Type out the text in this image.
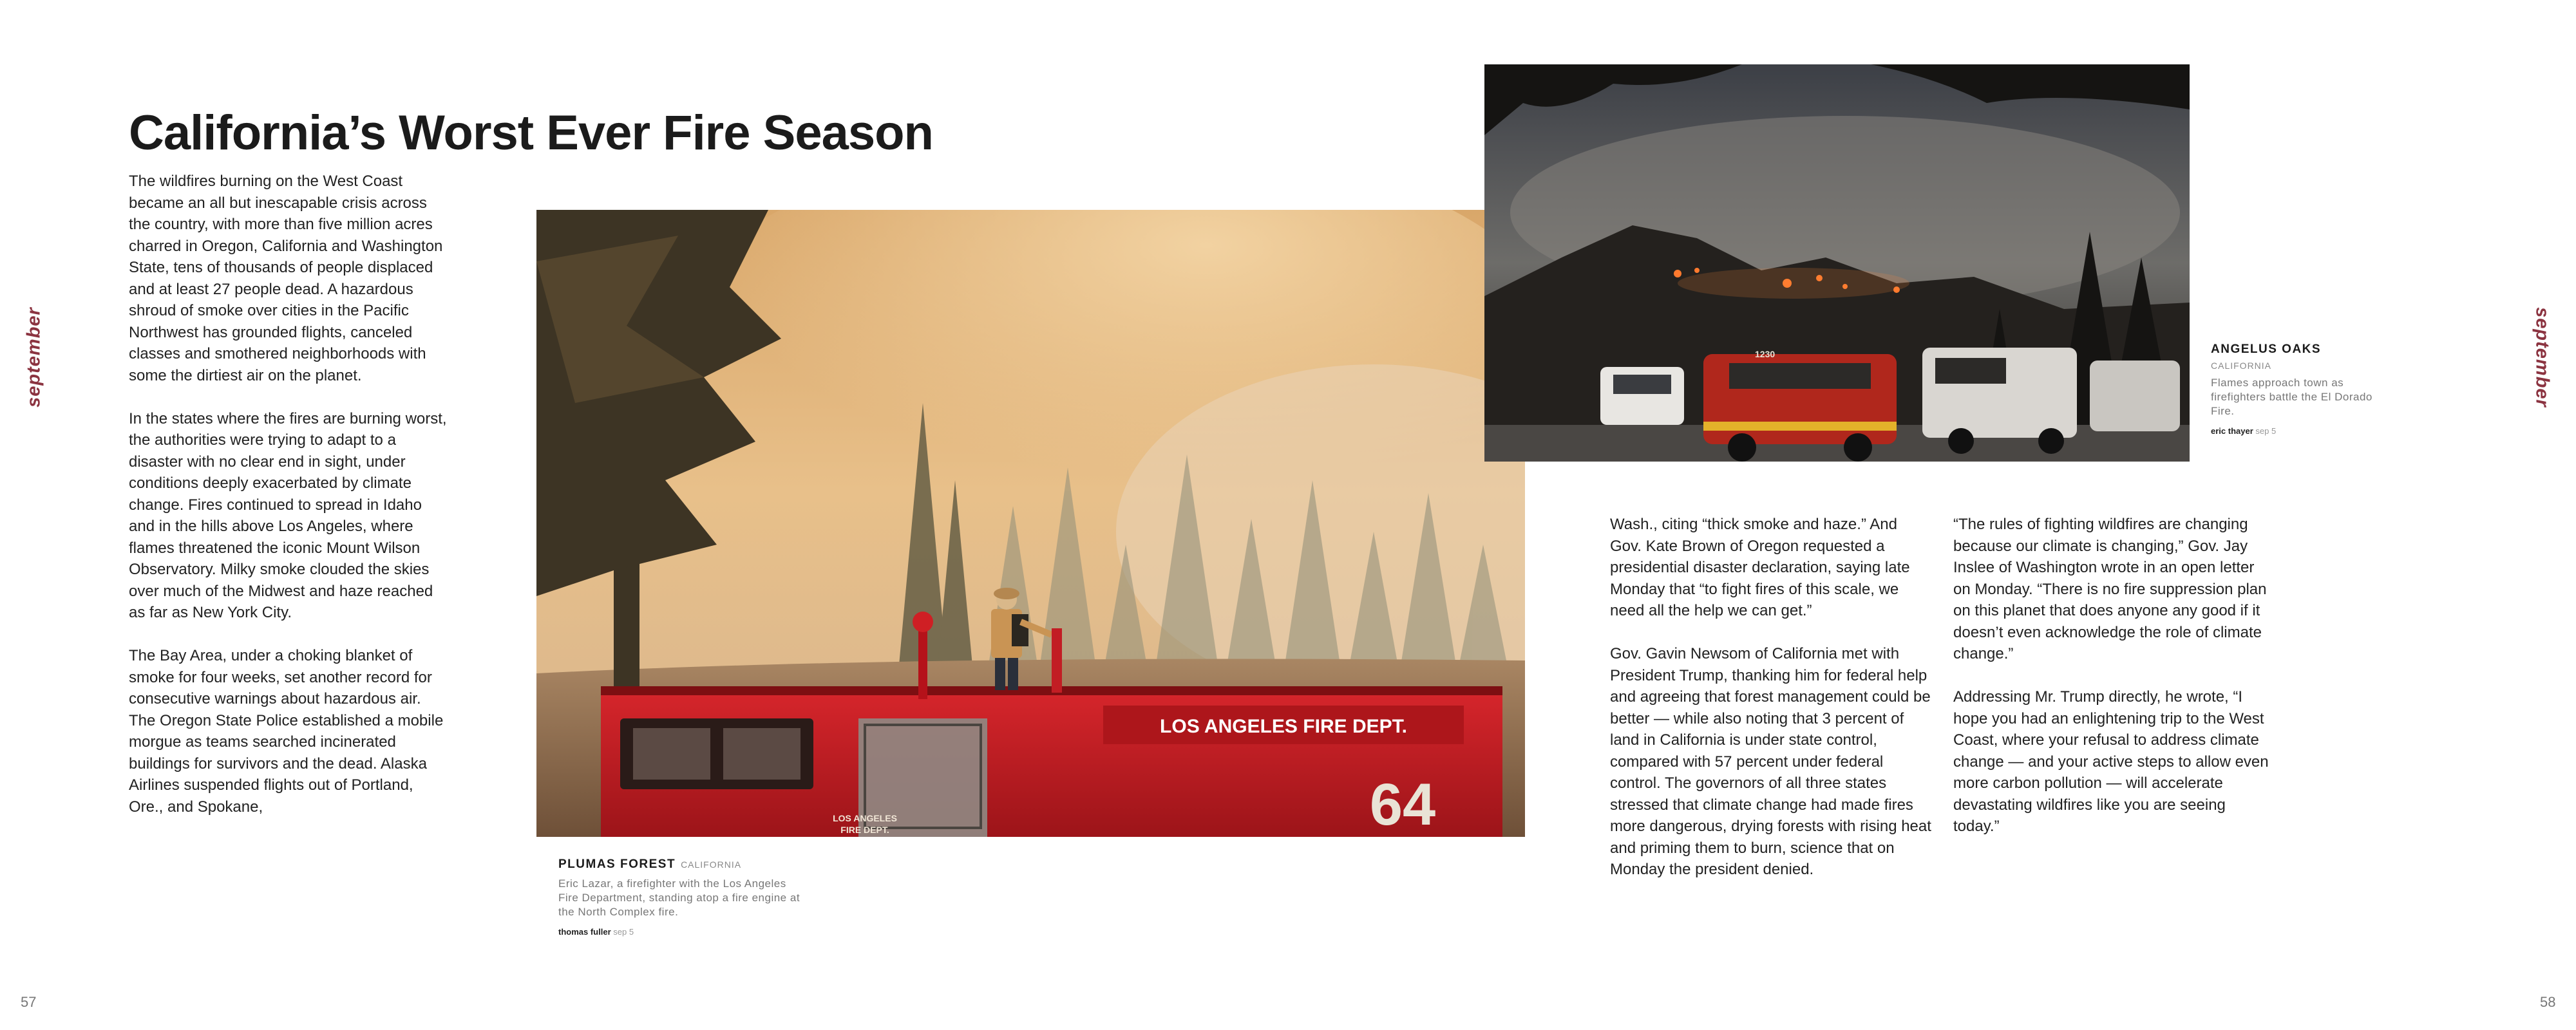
september	september
57	58
California’s Worst Ever Fire Season

The wildfires burning on the West Coast became an all but inescapable crisis across the country, with more than five million acres charred in Oregon, California and Washington State, tens of thousands of people displaced and at least 27 people dead. A hazardous shroud of smoke over cities in the Pacific Northwest has grounded flights, canceled classes and smothered neighborhoods with some the dirtiest air on the planet.

In the states where the fires are burning worst, the authorities were trying to adapt to a disaster with no clear end in sight, under conditions deeply exacerbated by climate change. Fires continued to spread in Idaho and in the hills above Los Angeles, where flames threatened the iconic Mount Wilson Observatory. Milky smoke clouded the skies over much of the Midwest and haze reached as far as New York City.

The Bay Area, under a choking blanket of smoke for four weeks, set another record for consecutive warnings about hazardous air. The Oregon State Police established a mobile morgue as teams searched incinerated buildings for survivors and the dead. Alaska Airlines suspended flights out of Portland, Ore., and Spokane,

Wash., citing “thick smoke and haze.” And Gov. Kate Brown of Oregon requested a presidential disaster declaration, saying late Monday that “to fight fires of this scale, we need all the help we can get.”

Gov. Gavin Newsom of California met with President Trump, thanking him for federal help and agreeing that forest management could be better — while also noting that 3 percent of land in California is under state control, compared with 57 percent under federal control. The governors of all three states stressed that climate change had made fires more dangerous, drying forests with rising heat and priming them to burn, science that on Monday the president denied.

“The rules of fighting wildfires are changing because our climate is changing,” Gov. Jay Inslee of Washington wrote in an open letter on Monday. “There is no fire suppression plan on this planet that does anyone any good if it doesn’t even acknowledge the role of climate change.”

Addressing Mr. Trump directly, he wrote, “I hope you had an enlightening trip to the West Coast, where your refusal to address climate change — and your active steps to allow even more carbon pollution — will accelerate devastating wildfires like you are seeing today.”

LOS ANGELES FIRE DEPT.
LOS ANGELES
FIRE DEPT.	64
1230
PLUMAS FOREST CALIFORNIA
Eric Lazar, a firefighter with the Los Angeles Fire Department, standing atop a fire engine at the North Complex fire.
thomas fuller sep 5
ANGELUS OAKS
CALIFORNIA
Flames approach town as firefighters battle the El Dorado Fire.
eric thayer sep 5
